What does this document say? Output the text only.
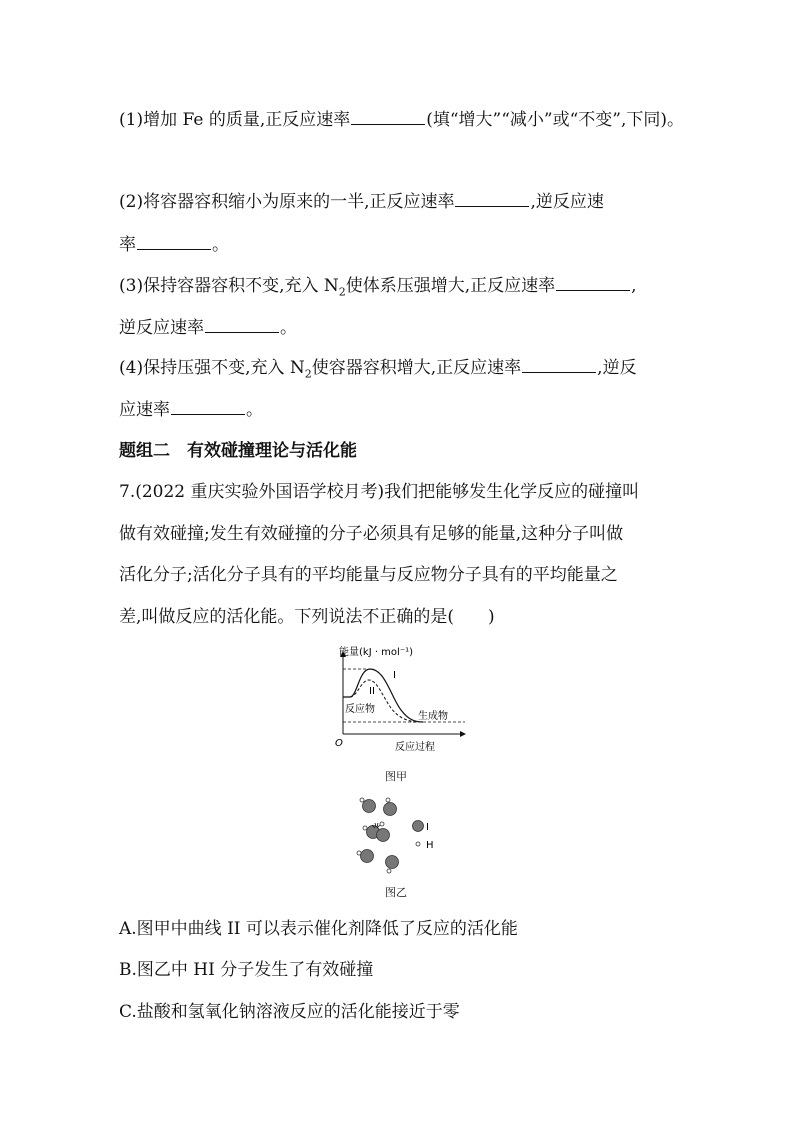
(1)增加 Fe 的质量,正反应速率	(填“增大”“减小”或“不变”,下同)。
(2)将容器容积缩小为原来的一半,正反应速率	,逆反应速
率	。
(3)保持容器容积不变,充入 $N_2$使体系压强增大,正反应速率	,
逆反应速率	。
(4)保持压强不变,充入 $N_2$使容器容积增大,正反应速率	,逆反
应速率	。
题组二　有效碰撞理论与活化能
7.(2022 重庆实验外国语学校月考)我们把能够发生化学反应的碰撞叫
做有效碰撞;发生有效碰撞的分子必须具有足够的能量,这种分子叫做
活化分子;活化分子具有的平均能量与反应物分子具有的平均能量之
差,叫做反应的活化能。下列说法不正确的是(　　)
能量(kJ · mol⁻¹)
O	反应过程
I
II
反应物
生成物
图甲
I
H
图乙
A.图甲中曲线 II 可以表示催化剂降低了反应的活化能
B.图乙中 HI 分子发生了有效碰撞
C.盐酸和氢氧化钠溶液反应的活化能接近于零
